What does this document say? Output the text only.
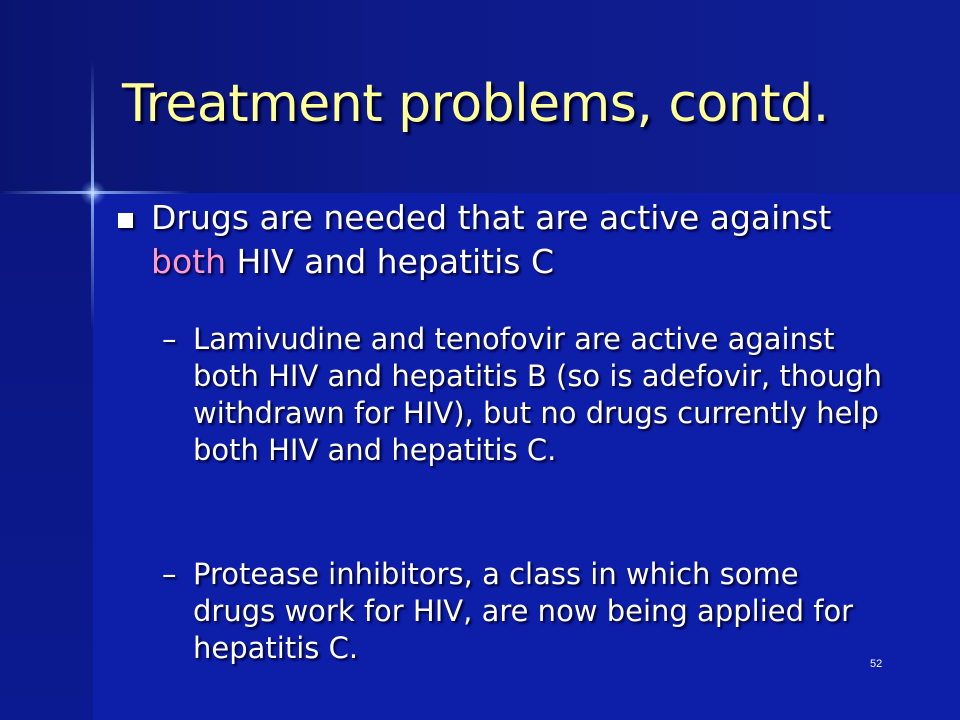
Treatment problems, contd.
Drugs are needed that are active against both HIV and hepatitis C
– Lamivudine and tenofovir are active against both HIV and hepatitis B (so is adefovir, though withdrawn for HIV), but no drugs currently help both HIV and hepatitis C.
– Protease inhibitors, a class in which some drugs work for HIV, are now being applied for hepatitis C.	52
